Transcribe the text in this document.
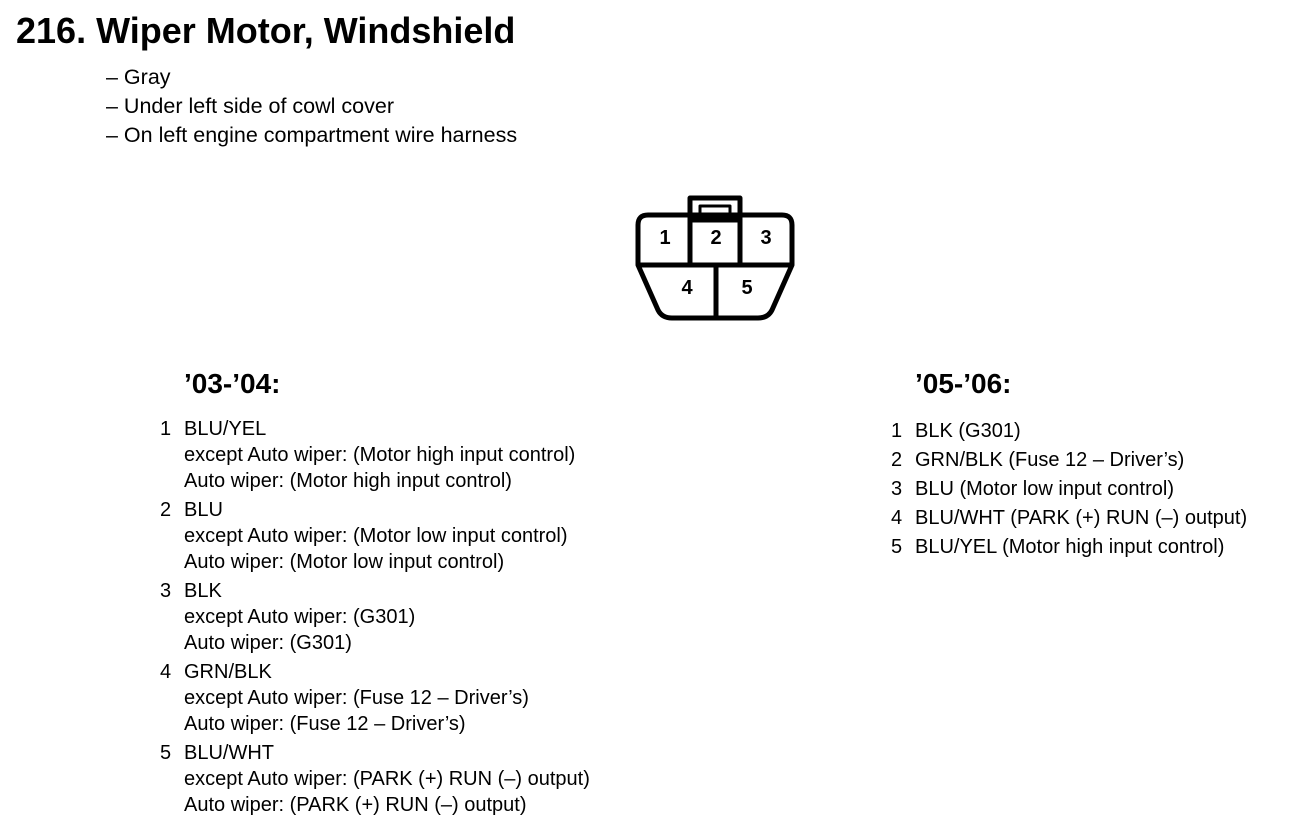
216. Wiper Motor, Windshield
– Gray
– Under left side of cowl cover
– On left engine compartment wire harness
1 2 3
4 5
’03-’04:
1 BLU/YEL
except Auto wiper: (Motor high input control)
Auto wiper: (Motor high input control)
2 BLU
except Auto wiper: (Motor low input control)
Auto wiper: (Motor low input control)
3 BLK
except Auto wiper: (G301)
Auto wiper: (G301)
4 GRN/BLK
except Auto wiper: (Fuse 12 – Driver’s)
Auto wiper: (Fuse 12 – Driver’s)
5 BLU/WHT
except Auto wiper: (PARK (+) RUN (–) output)
Auto wiper: (PARK (+) RUN (–) output)
’05-’06:
1 BLK (G301)
2 GRN/BLK (Fuse 12 – Driver’s)
3 BLU (Motor low input control)
4 BLU/WHT (PARK (+) RUN (–) output)
5 BLU/YEL (Motor high input control)
